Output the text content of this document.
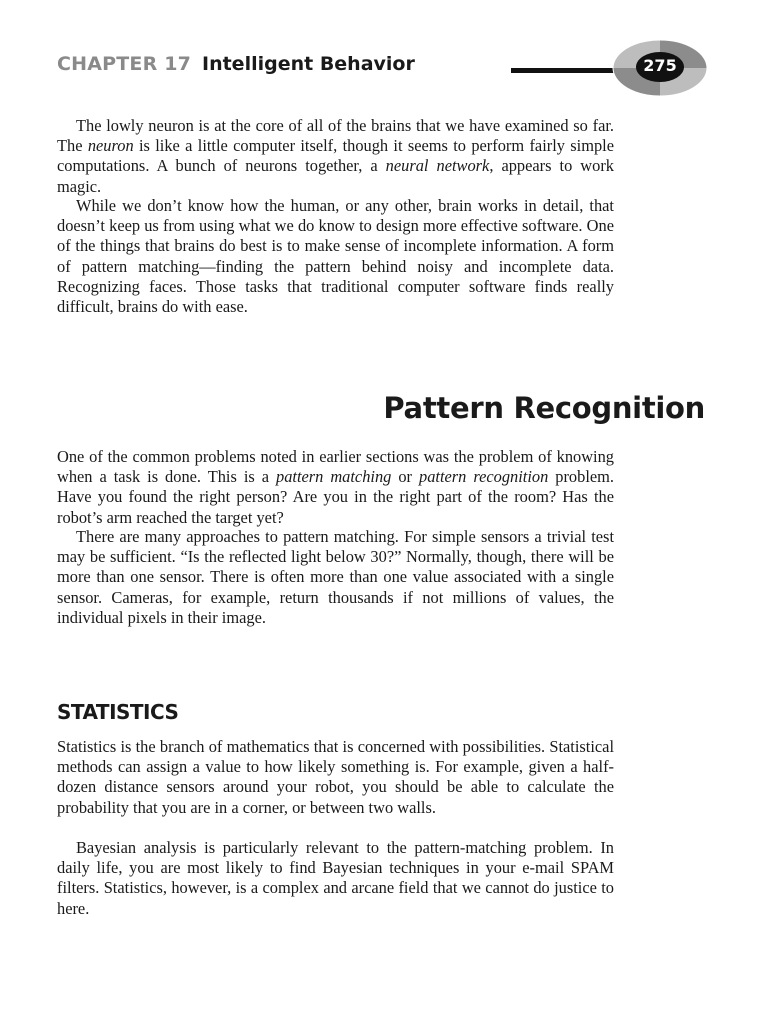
CHAPTER 17 Intelligent Behavior	275

The lowly neuron is at the core of all of the brains that we have examined so far. The neuron is like a little computer itself, though it seems to perform fairly simple computations. A bunch of neurons together, a neural network, appears to work magic.

While we don’t know how the human, or any other, brain works in detail, that doesn’t keep us from using what we do know to design more effective software. One of the things that brains do best is to make sense of incomplete information. A form of pattern matching—finding the pattern behind noisy and incomplete data. Recognizing faces. Those tasks that traditional computer software finds really difficult, brains do with ease.

Pattern Recognition

One of the common problems noted in earlier sections was the problem of knowing when a task is done. This is a pattern matching or pattern recognition problem. Have you found the right person? Are you in the right part of the room? Has the robot’s arm reached the target yet?

There are many approaches to pattern matching. For simple sensors a trivial test may be sufficient. “Is the reflected light below 30?” Normally, though, there will be more than one sensor. There is often more than one value associated with a single sensor. Cameras, for example, return thousands if not millions of values, the individual pixels in their image.

STATISTICS

Statistics is the branch of mathematics that is concerned with possibilities. Statistical methods can assign a value to how likely something is. For example, given a half-dozen distance sensors around your robot, you should be able to calculate the probability that you are in a corner, or between two walls.

Bayesian analysis is particularly relevant to the pattern-matching problem. In daily life, you are most likely to find Bayesian techniques in your e-mail SPAM filters. Statistics, however, is a complex and arcane field that we cannot do justice to here.
